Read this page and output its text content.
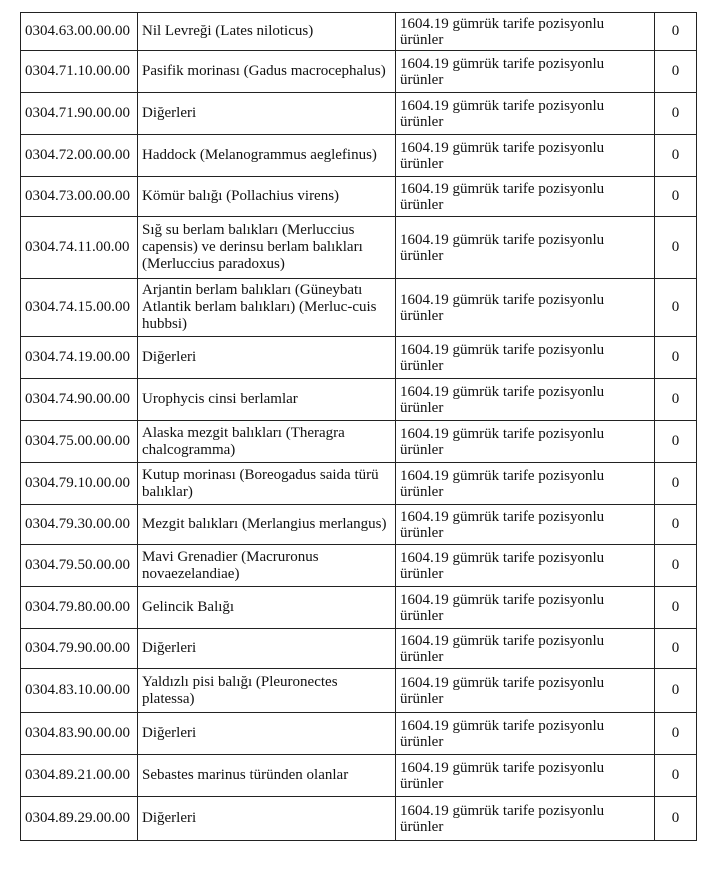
0304.63.00.00.00	Nil Levreği (Lates niloticus)	1604.19 gümrük tarife pozisyonlu ürünler	0
0304.71.10.00.00	Pasifik morinası (Gadus macrocephalus)	1604.19 gümrük tarife pozisyonlu ürünler	0
0304.71.90.00.00	Diğerleri	1604.19 gümrük tarife pozisyonlu ürünler	0
0304.72.00.00.00	Haddock (Melanogrammus aeglefinus)	1604.19 gümrük tarife pozisyonlu ürünler	0
0304.73.00.00.00	Kömür balığı (Pollachius virens)	1604.19 gümrük tarife pozisyonlu ürünler	0
0304.74.11.00.00	Sığ su berlam balıkları (Merluccius capensis) ve derinsu berlam balıkları (Merluccius paradoxus)	1604.19 gümrük tarife pozisyonlu ürünler	0
0304.74.15.00.00	Arjantin berlam balıkları (Güneybatı Atlantik berlam balıkları) (Merluc-cuis hubbsi)	1604.19 gümrük tarife pozisyonlu ürünler	0
0304.74.19.00.00	Diğerleri	1604.19 gümrük tarife pozisyonlu ürünler	0
0304.74.90.00.00	Urophycis cinsi berlamlar	1604.19 gümrük tarife pozisyonlu ürünler	0
0304.75.00.00.00	Alaska mezgit balıkları (Theragra chalcogramma)	1604.19 gümrük tarife pozisyonlu ürünler	0
0304.79.10.00.00	Kutup morinası (Boreogadus saida türü balıklar)	1604.19 gümrük tarife pozisyonlu ürünler	0
0304.79.30.00.00	Mezgit balıkları (Merlangius merlangus)	1604.19 gümrük tarife pozisyonlu ürünler	0
0304.79.50.00.00	Mavi Grenadier (Macruronus novaezelandiae)	1604.19 gümrük tarife pozisyonlu ürünler	0
0304.79.80.00.00	Gelincik Balığı	1604.19 gümrük tarife pozisyonlu ürünler	0
0304.79.90.00.00	Diğerleri	1604.19 gümrük tarife pozisyonlu ürünler	0
0304.83.10.00.00	Yaldızlı pisi balığı (Pleuronectes platessa)	1604.19 gümrük tarife pozisyonlu ürünler	0
0304.83.90.00.00	Diğerleri	1604.19 gümrük tarife pozisyonlu ürünler	0
0304.89.21.00.00	Sebastes marinus türünden olanlar	1604.19 gümrük tarife pozisyonlu ürünler	0
0304.89.29.00.00	Diğerleri	1604.19 gümrük tarife pozisyonlu ürünler	0
